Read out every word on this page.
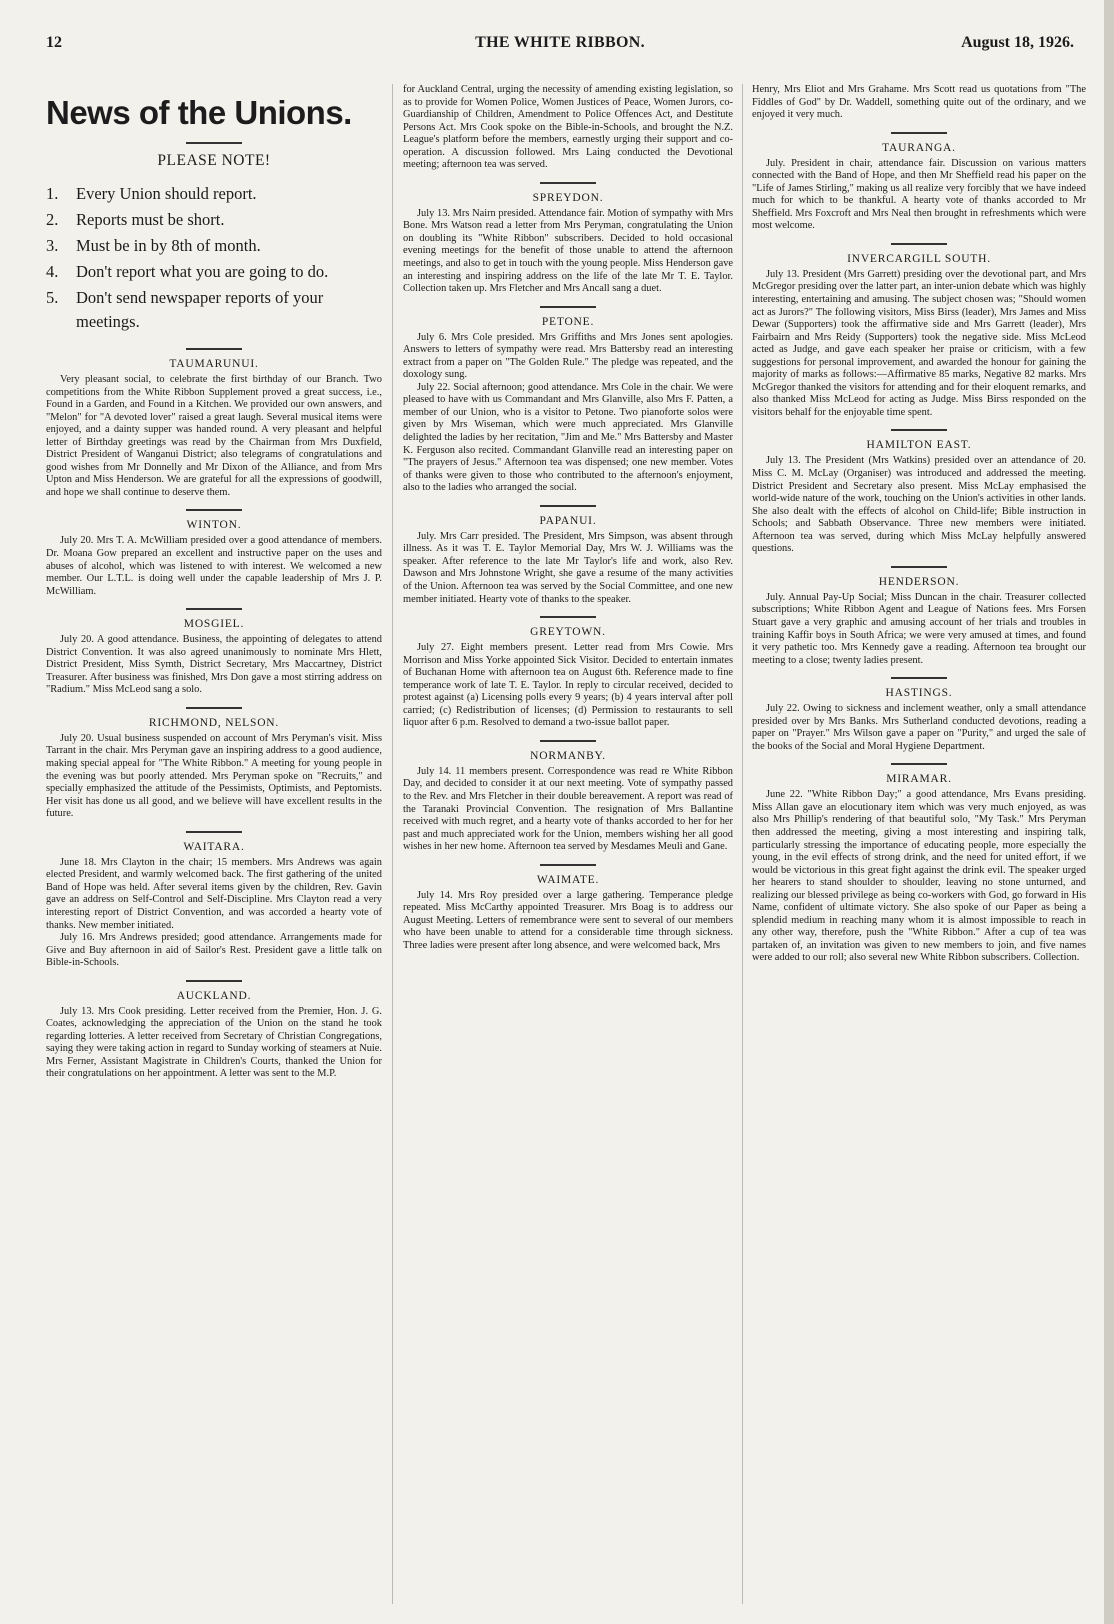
12	THE WHITE RIBBON.	August 18, 1926.
News of the Unions.
PLEASE NOTE!
1.	Every Union should report.
2.	Reports must be short.
3.	Must be in by 8th of month.
4.	Don't report what you are going to do.
5.	Don't send newspaper reports of your meetings.
TAUMARUNUI.

Very pleasant social, to celebrate the first birthday of our Branch. Two competitions from the White Ribbon Supplement proved a great success, i.e., Found in a Garden, and Found in a Kitchen. We provided our own answers, and "Melon" for "A devoted lover" raised a great laugh. Several musical items were enjoyed, and a dainty supper was handed round. A very pleasant and helpful letter of Birthday greetings was read by the Chairman from Mrs Duxfield, District President of Wanganui District; also telegrams of congratulations and good wishes from Mr Donnelly and Mr Dixon of the Alliance, and from Mrs Upton and Miss Henderson. We are grateful for all the expressions of goodwill, and hope we shall continue to deserve them.

WINTON.

July 20. Mrs T. A. McWilliam presided over a good attendance of members. Dr. Moana Gow prepared an excellent and instructive paper on the uses and abuses of alcohol, which was listened to with interest. We welcomed a new member. Our L.T.L. is doing well under the capable leadership of Mrs J. P. McWilliam.

MOSGIEL.

July 20. A good attendance. Business, the appointing of delegates to attend District Convention. It was also agreed unanimously to nominate Mrs Hlett, District President, Miss Symth, District Secretary, Mrs Maccartney, District Treasurer. After business was finished, Mrs Don gave a most stirring address on "Radium." Miss McLeod sang a solo.

RICHMOND, NELSON.

July 20. Usual business suspended on account of Mrs Peryman's visit. Miss Tarrant in the chair. Mrs Peryman gave an inspiring address to a good audience, making special appeal for "The White Ribbon." A meeting for young people in the evening was but poorly attended. Mrs Peryman spoke on "Recruits," and specially emphasized the attitude of the Pessimists, Optimists, and Peptomists. Her visit has done us all good, and we believe will have excellent results in the future.

WAITARA.

June 18. Mrs Clayton in the chair; 15 members. Mrs Andrews was again elected President, and warmly welcomed back. The first gathering of the united Band of Hope was held. After several items given by the children, Rev. Gavin gave an address on Self-Control and Self-Discipline. Mrs Clayton read a very interesting report of District Convention, and was accorded a hearty vote of thanks. New member initiated.

July 16. Mrs Andrews presided; good attendance. Arrangements made for Give and Buy afternoon in aid of Sailor's Rest. President gave a little talk on Bible-in-Schools.

AUCKLAND.

July 13. Mrs Cook presiding. Letter received from the Premier, Hon. J. G. Coates, acknowledging the appreciation of the Union on the stand he took regarding lotteries. A letter received from Secretary of Christian Congregations, saying they were taking action in regard to Sunday working of steamers at Nuie. Mrs Ferner, Assistant Magistrate in Children's Courts, thanked the Union for their congratulations on her appointment. A letter was sent to the M.P.

for Auckland Central, urging the necessity of amending existing legislation, so as to provide for Women Police, Women Justices of Peace, Women Jurors, co-Guardianship of Children, Amendment to Police Offences Act, and Destitute Persons Act. Mrs Cook spoke on the Bible-in-Schools, and brought the N.Z. League's platform before the members, earnestly urging their support and co-operation. A discussion followed. Mrs Laing conducted the Devotional meeting; afternoon tea was served.

SPREYDON.

July 13. Mrs Nairn presided. Attendance fair. Motion of sympathy with Mrs Bone. Mrs Watson read a letter from Mrs Peryman, congratulating the Union on doubling its "White Ribbon" subscribers. Decided to hold occasional evening meetings for the benefit of those unable to attend the afternoon meetings, and also to get in touch with the young people. Miss Henderson gave an interesting and inspiring address on the life of the late Mr T. E. Taylor. Collection taken up. Mrs Fletcher and Mrs Ancall sang a duet.

PETONE.

July 6. Mrs Cole presided. Mrs Griffiths and Mrs Jones sent apologies. Answers to letters of sympathy were read. Mrs Battersby read an interesting extract from a paper on "The Golden Rule." The pledge was repeated, and the doxology sung.

July 22. Social afternoon; good attendance. Mrs Cole in the chair. We were pleased to have with us Commandant and Mrs Glanville, also Mrs F. Patten, a member of our Union, who is a visitor to Petone. Two pianoforte solos were given by Mrs Wiseman, which were much appreciated. Mrs Glanville delighted the ladies by her recitation, "Jim and Me." Mrs Battersby and Master K. Ferguson also recited. Commandant Glanville read an interesting paper on "The prayers of Jesus." Afternoon tea was dispensed; one new member. Votes of thanks were given to those who contributed to the afternoon's enjoyment, also to the ladies who arranged the social.

PAPANUI.

July. Mrs Carr presided. The President, Mrs Simpson, was absent through illness. As it was T. E. Taylor Memorial Day, Mrs W. J. Williams was the speaker. After reference to the late Mr Taylor's life and work, also Rev. Dawson and Mrs Johnstone Wright, she gave a resume of the many activities of the Union. Afternoon tea was served by the Social Committee, and one new member initiated. Hearty vote of thanks to the speaker.

GREYTOWN.

July 27. Eight members present. Letter read from Mrs Cowie. Mrs Morrison and Miss Yorke appointed Sick Visitor. Decided to entertain inmates of Buchanan Home with afternoon tea on August 6th. Reference made to fine temperance work of late T. E. Taylor. In reply to circular received, decided to protest against (a) Licensing polls every 9 years; (b) 4 years interval after poll carried; (c) Redistribution of licenses; (d) Permission to restaurants to sell liquor after 6 p.m. Resolved to demand a two-issue ballot paper.

NORMANBY.

July 14. 11 members present. Correspondence was read re White Ribbon Day, and decided to consider it at our next meeting. Vote of sympathy passed to the Rev. and Mrs Fletcher in their double bereavement. A report was read of the Taranaki Provincial Convention. The resignation of Mrs Ballantine received with much regret, and a hearty vote of thanks accorded to her for her past and much appreciated work for the Union, members wishing her all good wishes in her new home. Afternoon tea served by Mesdames Meuli and Gane.

WAIMATE.

July 14. Mrs Roy presided over a large gathering. Temperance pledge repeated. Miss McCarthy appointed Treasurer. Mrs Boag is to address our August Meeting. Letters of remembrance were sent to several of our members who have been unable to attend for a considerable time through sickness. Three ladies were present after long absence, and were welcomed back, Mrs

Henry, Mrs Eliot and Mrs Grahame. Mrs Scott read us quotations from "The Fiddles of God" by Dr. Waddell, something quite out of the ordinary, and we enjoyed it very much.

TAURANGA.

July. President in chair, attendance fair. Discussion on various matters connected with the Band of Hope, and then Mr Sheffield read his paper on the "Life of James Stirling," making us all realize very forcibly that we have indeed much for which to be thankful. A hearty vote of thanks accorded to Mr Sheffield. Mrs Foxcroft and Mrs Neal then brought in refreshments which were most welcome.

INVERCARGILL SOUTH.

July 13. President (Mrs Garrett) presiding over the devotional part, and Mrs McGregor presiding over the latter part, an inter-union debate which was highly interesting, entertaining and amusing. The subject chosen was; "Should women act as Jurors?" The following visitors, Miss Birss (leader), Mrs James and Miss Dewar (Supporters) took the affirmative side and Mrs Garrett (leader), Mrs Fairbairn and Mrs Reidy (Supporters) took the negative side. Miss McLeod acted as Judge, and gave each speaker her praise or criticism, with a few suggestions for personal improvement, and awarded the honour for gaining the majority of marks as follows:—Affirmative 85 marks, Negative 82 marks. Mrs McGregor thanked the visitors for attending and for their eloquent remarks, and also thanked Miss McLeod for acting as Judge. Miss Birss responded on the visitors behalf for the enjoyable time spent.

HAMILTON EAST.

July 13. The President (Mrs Watkins) presided over an attendance of 20. Miss C. M. McLay (Organiser) was introduced and addressed the meeting. District President and Secretary also present. Miss McLay emphasised the world-wide nature of the work, touching on the Union's activities in other lands. She also dealt with the effects of alcohol on Child-life; Bible instruction in Schools; and Sabbath Observance. Three new members were initiated. Afternoon tea was served, during which Miss McLay helpfully answered questions.

HENDERSON.

July. Annual Pay-Up Social; Miss Duncan in the chair. Treasurer collected subscriptions; White Ribbon Agent and League of Nations fees. Mrs Forsen Stuart gave a very graphic and amusing account of her trials and troubles in training Kaffir boys in South Africa; we were very amused at times, and found it very pathetic too. Mrs Kennedy gave a reading. Afternoon tea brought our meeting to a close; twenty ladies present.

HASTINGS.

July 22. Owing to sickness and inclement weather, only a small attendance presided over by Mrs Banks. Mrs Sutherland conducted devotions, reading a paper on "Prayer." Mrs Wilson gave a paper on "Purity," and urged the sale of the books of the Social and Moral Hygiene Department.

MIRAMAR.

June 22. "White Ribbon Day;" a good attendance, Mrs Evans presiding. Miss Allan gave an elocutionary item which was very much enjoyed, as was also Mrs Phillip's rendering of that beautiful solo, "My Task." Mrs Peryman then addressed the meeting, giving a most interesting and inspiring talk, particularly stressing the importance of educating people, more especially the young, in the evil effects of strong drink, and the need for united effort, if we would be victorious in this great fight against the drink evil. The speaker urged her hearers to stand shoulder to shoulder, leaving no stone unturned, and realizing our blessed privilege as being co-workers with God, go forward in His Name, confident of ultimate victory. She also spoke of our Paper as being a splendid medium in reaching many whom it is almost impossible to reach in any other way, therefore, push the "White Ribbon." After a cup of tea was partaken of, an invitation was given to new members to join, and five names were added to our roll; also several new White Ribbon subscribers. Collection.
